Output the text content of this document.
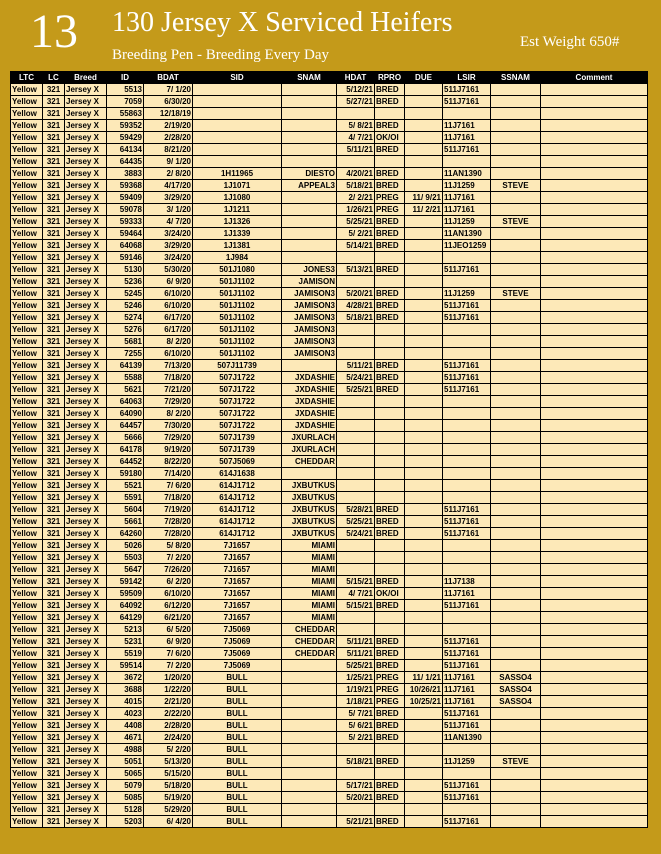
13 130 Jersey X Serviced Heifers
Breeding Pen - Breeding Every Day
Est Weight 650#
LTC	LC	Breed	ID	BDAT	SID	SNAM	HDAT	RPRO	DUE	LSIR	SSNAM	Comment
Yellow	321	Jersey X	5513	7/ 1/20			5/12/21	BRED		511J7161		
Yellow	321	Jersey X	7059	6/30/20			5/27/21	BRED		511J7161		
Yellow	321	Jersey X	55863	12/18/19								
Yellow	321	Jersey X	59352	2/19/20			5/ 8/21	BRED		11J7161		
Yellow	321	Jersey X	59429	2/28/20			4/ 7/21	OK/OI		11J7161		
Yellow	321	Jersey X	64134	8/21/20			5/11/21	BRED		511J7161		
Yellow	321	Jersey X	64435	9/ 1/20								
Yellow	321	Jersey X	3883	2/ 8/20	1H11965	DIESTO	4/20/21	BRED		11AN1390		
Yellow	321	Jersey X	59368	4/17/20	1J1071	APPEAL3	5/18/21	BRED		11J1259	STEVE	
Yellow	321	Jersey X	59409	3/29/20	1J1080		2/ 2/21	PREG	11/ 9/21	11J7161		
Yellow	321	Jersey X	59078	3/ 1/20	1J1211		1/26/21	PREG	11/ 2/21	11J7161		
Yellow	321	Jersey X	59333	4/ 7/20	1J1326		5/25/21	BRED		11J1259	STEVE	
Yellow	321	Jersey X	59464	3/24/20	1J1339		5/ 2/21	BRED		11AN1390		
Yellow	321	Jersey X	64068	3/29/20	1J1381		5/14/21	BRED		11JEO1259		
Yellow	321	Jersey X	59146	3/24/20	1J984							
Yellow	321	Jersey X	5130	5/30/20	501J1080	JONES3	5/13/21	BRED		511J7161		
Yellow	321	Jersey X	5236	6/ 9/20	501J1102	JAMISON						
Yellow	321	Jersey X	5245	6/10/20	501J1102	JAMISON3	5/20/21	BRED		11J1259	STEVE	
Yellow	321	Jersey X	5246	6/10/20	501J1102	JAMISON3	4/28/21	BRED		511J7161		
Yellow	321	Jersey X	5274	6/17/20	501J1102	JAMISON3	5/18/21	BRED		511J7161		
Yellow	321	Jersey X	5276	6/17/20	501J1102	JAMISON3						
Yellow	321	Jersey X	5681	8/ 2/20	501J1102	JAMISON3						
Yellow	321	Jersey X	7255	6/10/20	501J1102	JAMISON3						
Yellow	321	Jersey X	64139	7/13/20	507J11739		5/11/21	BRED		511J7161		
Yellow	321	Jersey X	5588	7/18/20	507J1722	JXDASHIE	5/24/21	BRED		511J7161		
Yellow	321	Jersey X	5621	7/21/20	507J1722	JXDASHIE	5/25/21	BRED		511J7161		
Yellow	321	Jersey X	64063	7/29/20	507J1722	JXDASHIE						
Yellow	321	Jersey X	64090	8/ 2/20	507J1722	JXDASHIE						
Yellow	321	Jersey X	64457	7/30/20	507J1722	JXDASHIE						
Yellow	321	Jersey X	5666	7/29/20	507J1739	JXURLACH						
Yellow	321	Jersey X	64178	9/19/20	507J1739	JXURLACH						
Yellow	321	Jersey X	64452	8/22/20	507J5069	CHEDDAR						
Yellow	321	Jersey X	59180	7/14/20	614J1638							
Yellow	321	Jersey X	5521	7/ 6/20	614J1712	JXBUTKUS						
Yellow	321	Jersey X	5591	7/18/20	614J1712	JXBUTKUS						
Yellow	321	Jersey X	5604	7/19/20	614J1712	JXBUTKUS	5/28/21	BRED		511J7161		
Yellow	321	Jersey X	5661	7/28/20	614J1712	JXBUTKUS	5/25/21	BRED		511J7161		
Yellow	321	Jersey X	64260	7/28/20	614J1712	JXBUTKUS	5/24/21	BRED		511J7161		
Yellow	321	Jersey X	5026	5/ 8/20	7J1657	MIAMI						
Yellow	321	Jersey X	5503	7/ 2/20	7J1657	MIAMI						
Yellow	321	Jersey X	5647	7/26/20	7J1657	MIAMI						
Yellow	321	Jersey X	59142	6/ 2/20	7J1657	MIAMI	5/15/21	BRED		11J7138		
Yellow	321	Jersey X	59509	6/10/20	7J1657	MIAMI	4/ 7/21	OK/OI		11J7161		
Yellow	321	Jersey X	64092	6/12/20	7J1657	MIAMI	5/15/21	BRED		511J7161		
Yellow	321	Jersey X	64129	6/21/20	7J1657	MIAMI						
Yellow	321	Jersey X	5213	6/ 5/20	7J5069	CHEDDAR						
Yellow	321	Jersey X	5231	6/ 9/20	7J5069	CHEDDAR	5/11/21	BRED		511J7161		
Yellow	321	Jersey X	5519	7/ 6/20	7J5069	CHEDDAR	5/11/21	BRED		511J7161		
Yellow	321	Jersey X	59514	7/ 2/20	7J5069		5/25/21	BRED		511J7161		
Yellow	321	Jersey X	3672	1/20/20	BULL		1/25/21	PREG	11/ 1/21	11J7161	SASSO4	
Yellow	321	Jersey X	3688	1/22/20	BULL		1/19/21	PREG	10/26/21	11J7161	SASSO4	
Yellow	321	Jersey X	4015	2/21/20	BULL		1/18/21	PREG	10/25/21	11J7161	SASSO4	
Yellow	321	Jersey X	4023	2/22/20	BULL		5/ 7/21	BRED		511J7161		
Yellow	321	Jersey X	4408	2/28/20	BULL		5/ 6/21	BRED		511J7161		
Yellow	321	Jersey X	4671	2/24/20	BULL		5/ 2/21	BRED		11AN1390		
Yellow	321	Jersey X	4988	5/ 2/20	BULL							
Yellow	321	Jersey X	5051	5/13/20	BULL		5/18/21	BRED		11J1259	STEVE	
Yellow	321	Jersey X	5065	5/15/20	BULL							
Yellow	321	Jersey X	5079	5/18/20	BULL		5/17/21	BRED		511J7161		
Yellow	321	Jersey X	5085	5/19/20	BULL		5/20/21	BRED		511J7161		
Yellow	321	Jersey X	5128	5/29/20	BULL							
Yellow	321	Jersey X	5203	6/ 4/20	BULL		5/21/21	BRED		511J7161		
